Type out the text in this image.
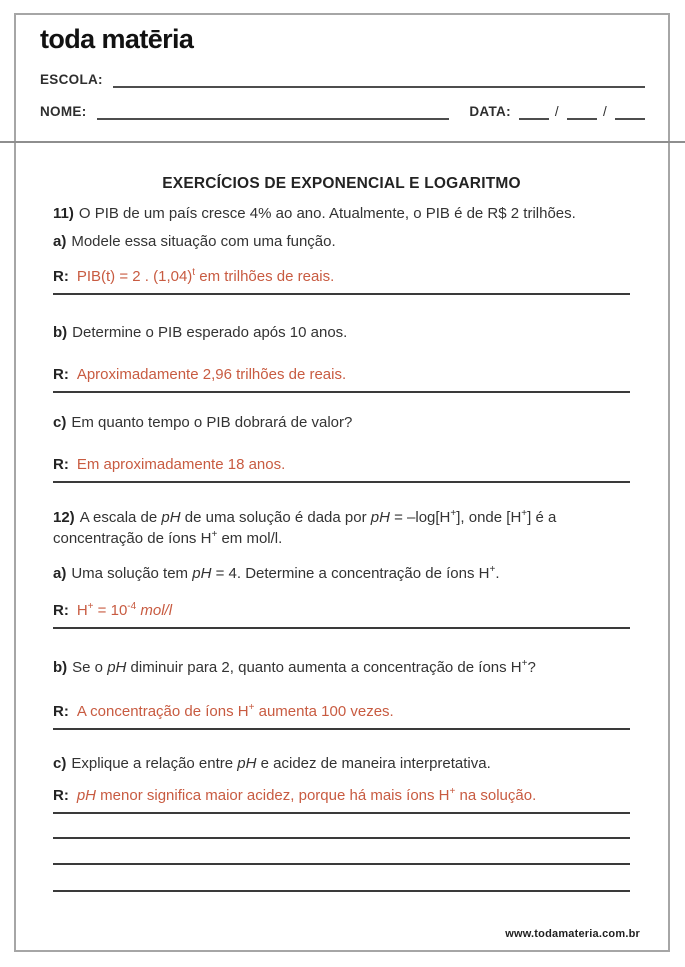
toda matēria
ESCOLA:
NOME:	DATA:	/	/
EXERCÍCIOS DE EXPONENCIAL E LOGARITMO
11) O PIB de um país cresce 4% ao ano. Atualmente, o PIB é de R$ 2 trilhões.
a) Modele essa situação com uma função.
R: PIB(t) = 2 . $(1,04)^t$ em trilhões de reais.
b) Determine o PIB esperado após 10 anos.
R: Aproximadamente 2,96 trilhões de reais.
c) Em quanto tempo o PIB dobrará de valor?
R: Em aproximadamente 18 anos.
12) A escala de pH de uma solução é dada por pH = –log[H+], onde [H+] é a concentração de íons H+ em mol/l.
a) Uma solução tem pH = 4. Determine a concentração de íons H+.
R: $H^+ = 10^{-4}$ mol/l
b) Se o pH diminuir para 2, quanto aumenta a concentração de íons H+?
R: A concentração de íons H+ aumenta 100 vezes.
c) Explique a relação entre pH e acidez de maneira interpretativa.
R: pH menor significa maior acidez, porque há mais íons H+ na solução.
www.todamateria.com.br
